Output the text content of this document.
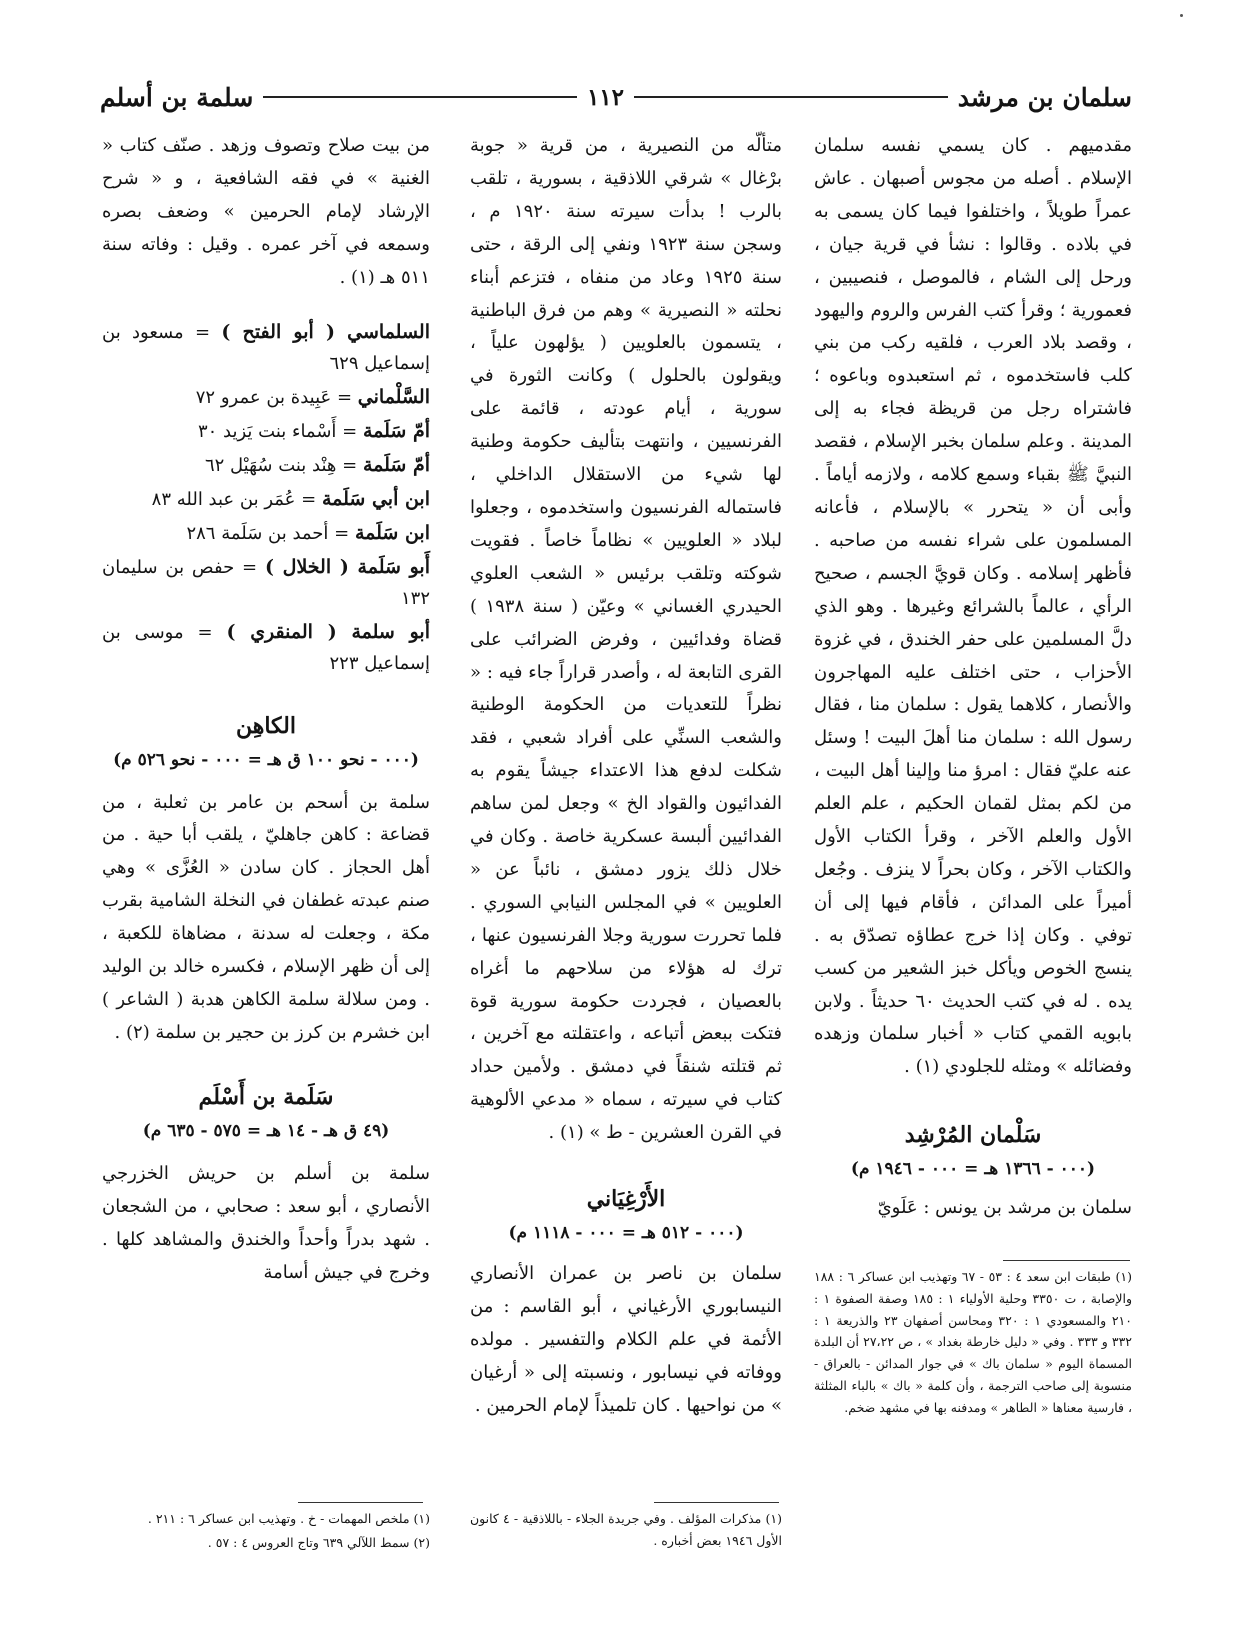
سلمان بن مرشد
١١٢
سلمة بن أسلم

مقدميهم . كان يسمي نفسه سلمان الإسلام . أصله من مجوس أصبهان . عاش عمراً طويلاً ، واختلفوا فيما كان يسمى به في بلاده . وقالوا : نشأ في قرية جيان ، ورحل إلى الشام ، فالموصل ، فنصيبين ، فعمورية ؛ وقرأ كتب الفرس والروم واليهود ، وقصد بلاد العرب ، فلقيه ركب من بني كلب فاستخدموه ، ثم استعبدوه وباعوه ؛ فاشتراه رجل من قريظة فجاء به إلى المدينة . وعلم سلمان بخبر الإسلام ، فقصد النبيَّ ﷺ بقباء وسمع كلامه ، ولازمه أياماً . وأبى أن « يتحرر » بالإسلام ، فأعانه المسلمون على شراء نفسه من صاحبه . فأظهر إسلامه . وكان قويَّ الجسم ، صحيح الرأي ، عالماً بالشرائع وغيرها . وهو الذي دلَّ المسلمين على حفر الخندق ، في غزوة الأحزاب ، حتى اختلف عليه المهاجرون والأنصار ، كلاهما يقول : سلمان منا ، فقال رسول الله : سلمان منا أهلَ البيت ! وسئل عنه عليّ فقال : امرؤ منا وإلينا أهل البيت ، من لكم بمثل لقمان الحكيم ، علم العلم الأول والعلم الآخر ، وقرأ الكتاب الأول والكتاب الآخر ، وكان بحراً لا ينزف . وجُعل أميراً على المدائن ، فأقام فيها إلى أن توفي . وكان إذا خرج عطاؤه تصدّق به . ينسج الخوص ويأكل خبز الشعير من كسب يده . له في كتب الحديث ٦٠ حديثاً . ولابن بابويه القمي كتاب « أخبار سلمان وزهده وفضائله » ومثله للجلودي (١) .

سَلْمان المُرْشِد

(٠٠٠ - ١٣٦٦ هـ = ٠٠٠ - ١٩٤٦ م)

سلمان بن مرشد بن يونس : عَلَويّ

متألّه من النصيرية ، من قرية « جوبة برْغال » شرقي اللاذقية ، بسورية ، تلقب بالرب ! بدأت سيرته سنة ١٩٢٠ م ، وسجن سنة ١٩٢٣ ونفي إلى الرقة ، حتى سنة ١٩٢٥ وعاد من منفاه ، فتزعم أبناء نحلته « النصيرية » وهم من فرق الباطنية ، يتسمون بالعلويين ( يؤلهون علياً ، ويقولون بالحلول ) وكانت الثورة في سورية ، أيام عودته ، قائمة على الفرنسيين ، وانتهت بتأليف حكومة وطنية لها شيء من الاستقلال الداخلي ، فاستماله الفرنسيون واستخدموه ، وجعلوا لبلاد « العلويين » نظاماً خاصاً . فقويت شوكته وتلقب برئيس « الشعب العلوي الحيدري الغساني » وعيّن ( سنة ١٩٣٨ ) قضاة وفدائيين ، وفرض الضرائب على القرى التابعة له ، وأصدر قراراً جاء فيه : « نظراً للتعديات من الحكومة الوطنية والشعب السنِّي على أفراد شعبي ، فقد شكلت لدفع هذا الاعتداء جيشاً يقوم به الفدائيون والقواد الخ » وجعل لمن ساهم الفدائيين ألبسة عسكرية خاصة . وكان في خلال ذلك يزور دمشق ، نائباً عن « العلويين » في المجلس النيابي السوري . فلما تحررت سورية وجلا الفرنسيون عنها ، ترك له هؤلاء من سلاحهم ما أغراه بالعصيان ، فجردت حكومة سورية قوة فتكت ببعض أتباعه ، واعتقلته مع آخرين ، ثم قتلته شنقاً في دمشق . ولأمين حداد كتاب في سيرته ، سماه « مدعي الألوهية في القرن العشرين - ط » (١) .

الأَرْغِيَاني

(٠٠٠ - ٥١٢ هـ = ٠٠٠ - ١١١٨ م)

سلمان بن ناصر بن عمران الأنصاري النيسابوري الأرغياني ، أبو القاسم : من الأئمة في علم الكلام والتفسير . مولده ووفاته في نيسابور ، ونسبته إلى « أرغيان » من نواحيها . كان تلميذاً لإمام الحرمين .

من بيت صلاح وتصوف وزهد . صنّف كتاب « الغنية » في فقه الشافعية ، و « شرح الإرشاد لإمام الحرمين » وضعف بصره وسمعه في آخر عمره . وقيل : وفاته سنة ٥١١ هـ (١) .

السلماسي ( أبو الفتح ) = مسعود بن إسماعيل ٦٢٩

السَّلْماني = عَبِيدة بن عمرو ٧٢

أمّ سَلَمة = أَسْماء بنت يَزيد ٣٠

أمّ سَلَمة = هِنْد بنت سُهَيْل ٦٢

ابن أبي سَلَمة = عُمَر بن عبد الله ٨٣

ابن سَلَمة = أحمد بن سَلَمة ٢٨٦

أَبو سَلَمة ( الخلال ) = حفص بن سليمان ١٣٢

أبو سلمة ( المنقري ) = موسى بن إسماعيل ٢٢٣

الكاهِن

(٠٠٠ - نحو ١٠٠ ق هـ = ٠٠٠ - نحو ٥٢٦ م)

سلمة بن أسحم بن عامر بن ثعلبة ، من قضاعة : كاهن جاهليّ ، يلقب أبا حية . من أهل الحجاز . كان سادن « العُزَّى » وهي صنم عبدته غطفان في النخلة الشامية بقرب مكة ، وجعلت له سدنة ، مضاهاة للكعبة ، إلى أن ظهر الإسلام ، فكسره خالد بن الوليد . ومن سلالة سلمة الكاهن هدبة ( الشاعر ) ابن خشرم بن كرز بن حجير بن سلمة (٢) .

سَلَمة بن أَسْلَم

(٤٩ ق هـ - ١٤ هـ = ٥٧٥ - ٦٣٥ م)

سلمة بن أسلم بن حريش الخزرجي الأنصاري ، أبو سعد : صحابي ، من الشجعان . شهد بدراً وأحداً والخندق والمشاهد كلها . وخرج في جيش أسامة	(١) طبقات ابن سعد ٤ : ٥٣ - ٦٧ وتهذيب ابن عساكر ٦ : ١٨٨ والإصابة ، ت ٣٣٥٠ وحلية الأولياء ١ : ١٨٥ وصفة الصفوة ١ : ٢١٠ والمسعودي ١ : ٣٢٠ ومحاسن أصفهان ٢٣ والذريعة ١ : ٣٣٢ و ٣٣٣ . وفي « دليل خارطة بغداد » ، ص ٢٧،٢٢ أن البلدة المسماة اليوم « سلمان باك » في جوار المدائن - بالعراق - منسوبة إلى صاحب الترجمة ، وأن كلمة « باك » بالباء المثلثة ، فارسية معناها « الطاهر » ومدفنه بها في مشهد ضخم.
(١) مذكرات المؤلف . وفي جريدة الجلاء - باللاذقية - ٤ كانون الأول ١٩٤٦ بعض أخباره .
(١) ملخص المهمات - خ . وتهذيب ابن عساكر ٦ : ٢١١ .
(٢) سمط اللآلي ٦٣٩ وتاج العروس ٤ : ٥٧ .
